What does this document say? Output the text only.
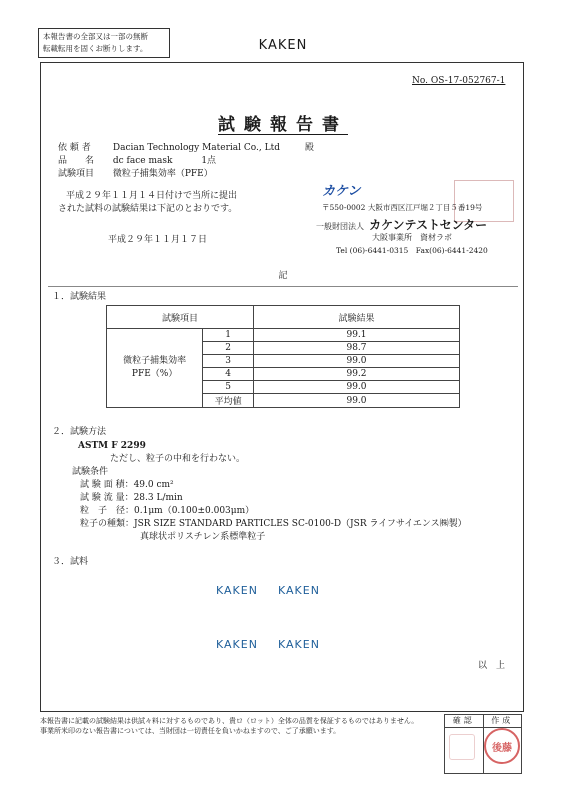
本報告書の全部又は一部の無断
転載転用を固くお断りします。	KAKEN
No. OS-17-052767-1
試験報告書
依 頼 者 Dacian Technology Material Co., Ltd	殿
品　　名 dc face mask	1点
試験項目 微粒子捕集効率（PFE）
平成２９年１１月１４日付けで当所に提出
された試料の試験結果は下記のとおりです。
平成２９年１１月１７日
カケン
〒550-0002 大阪市西区江戸堀２丁目５番19号
一般財団法人 カケンテストセンター
大阪事業所　資材ラボ
Tel (06)-6441-0315　Fax(06)-6441-2420
記
１．試験結果
試験項目		試験結果

微粒子捕集効率
PFE（%）	1	99.1
	2	98.7
	3	99.0
	4	99.2
	5	99.0
	平均値	99.0
２．試験方法
ASTM F 2299
ただし、粒子の中和を行わない。
試験条件
試 験 面 積：49.0 cm²
試 験 流 量：28.3 L/min
粒　子　径：0.1μm（0.100±0.003μm）
粒子の種類：JSR SIZE STANDARD PARTICLES SC-0100-D（JSR ライフサイエンス㈱製）
真球状ポリスチレン系標準粒子
３．試料
KAKEN KAKEN
KAKEN KAKEN
以　上
本報告書に記載の試験結果は供試々料に対するものであり、貴ロ（ロット）全体の品質を保証するものではありません。
事業所米印のない報告書については、当財団は一切責任を負いかねますので、ご了承願います。
確認	作成
後藤
